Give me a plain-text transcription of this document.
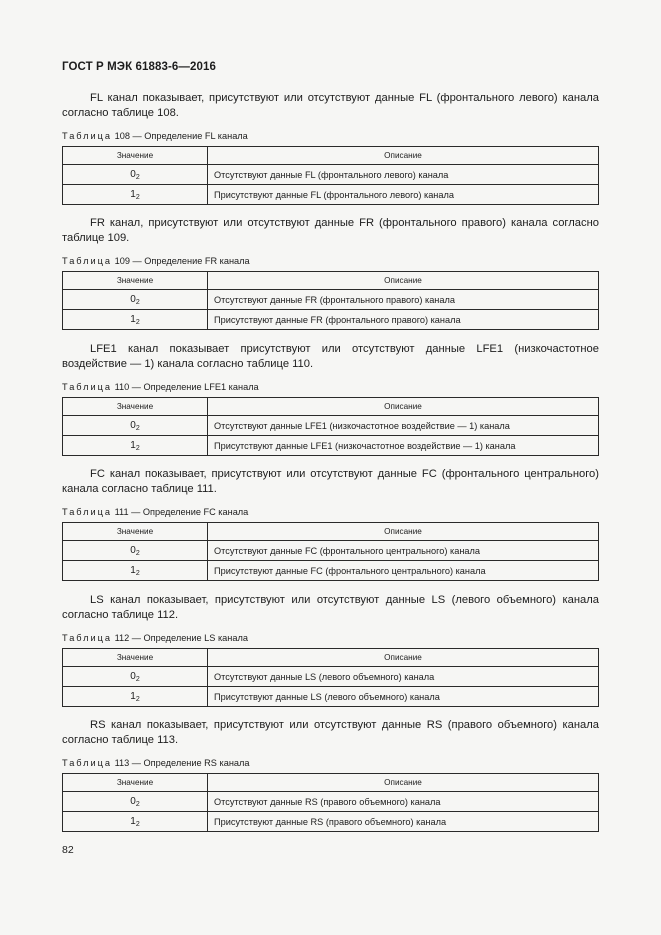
ГОСТ Р МЭК 61883-6—2016

FL канал показывает, присутствуют или отсутствуют данные FL (фронтального левого) канала согласно таблице 108.

Таблица 108 — Определение FL канала

Значение	Описание
$0_2$	Отсутствуют данные FL (фронтального левого) канала
$1_2$	Присутствуют данные FL (фронтального левого) канала

FR канал, присутствуют или отсутствуют данные FR (фронтального правого) канала согласно таблице 109.

Таблица 109 — Определение FR канала

Значение	Описание
$0_2$	Отсутствуют данные FR (фронтального правого) канала
$1_2$	Присутствуют данные FR (фронтального правого) канала

LFE1 канал показывает присутствуют или отсутствуют данные LFE1 (низкочастотное воздействие — 1) канала согласно таблице 110.

Таблица 110 — Определение LFE1 канала

Значение	Описание
$0_2$	Отсутствуют данные LFE1 (низкочастотное воздействие — 1) канала
$1_2$	Присутствуют данные LFE1 (низкочастотное воздействие — 1) канала

FC канал показывает, присутствуют или отсутствуют данные FC (фронтального центрального) канала согласно таблице 111.

Таблица 111 — Определение FC канала

Значение	Описание
$0_2$	Отсутствуют данные FC (фронтального центрального) канала
$1_2$	Присутствуют данные FC (фронтального центрального) канала

LS канал показывает, присутствуют или отсутствуют данные LS (левого объемного) канала согласно таблице 112.

Таблица 112 — Определение LS канала

Значение	Описание
$0_2$	Отсутствуют данные LS (левого объемного) канала
$1_2$	Присутствуют данные LS (левого объемного) канала

RS канал показывает, присутствуют или отсутствуют данные RS (правого объемного) канала согласно таблице 113.

Таблица 113 — Определение RS канала

Значение	Описание
$0_2$	Отсутствуют данные RS (правого объемного) канала
$1_2$	Присутствуют данные RS (правого объемного) канала

82
